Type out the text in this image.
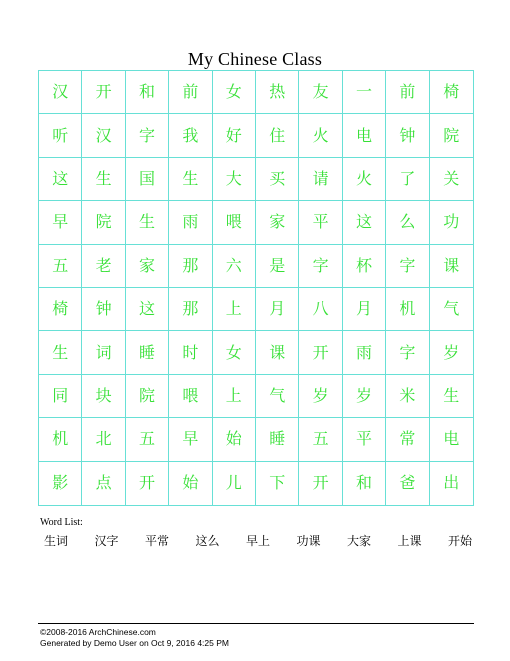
My Chinese Class
汉	开	和	前	女	热	友	一	前	椅
听	汉	字	我	好	住	火	电	钟	院
这	生	国	生	大	买	请	火	了	关
早	院	生	雨	喂	家	平	这	么	功
五	老	家	那	六	是	字	杯	字	课
椅	钟	这	那	上	月	八	月	机	气
生	词	睡	时	女	课	开	雨	字	岁
同	块	院	喂	上	气	岁	岁	米	生
机	北	五	早	始	睡	五	平	常	电
影	点	开	始	儿	下	开	和	爸	出
Word List:
生词 汉字 平常 这么 早上 功课 大家 上课 开始
©2008-2016 ArchChinese.com
Generated by Demo User on Oct 9, 2016 4:25 PM
